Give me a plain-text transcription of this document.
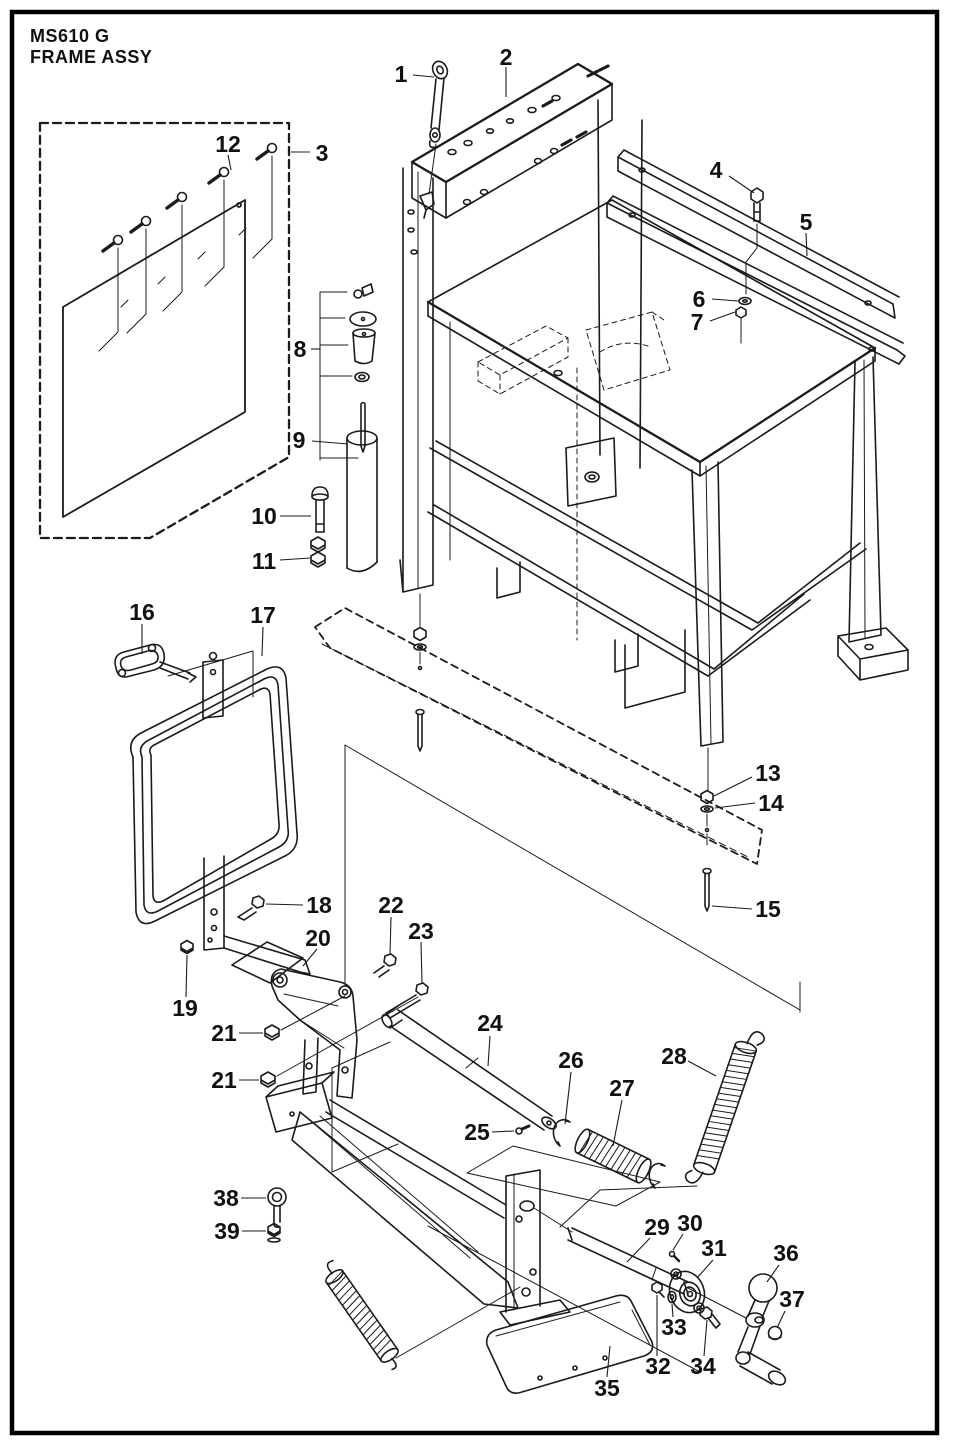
MS610 G
FRAME ASSY
1
2
3
12
4
5
6
7
8
9
10
11
16	17
13
14
15
18 22
23
20
19
21
21
24
26	28
27
25
38
39	29 30
31 36
37
33
32 34
35
